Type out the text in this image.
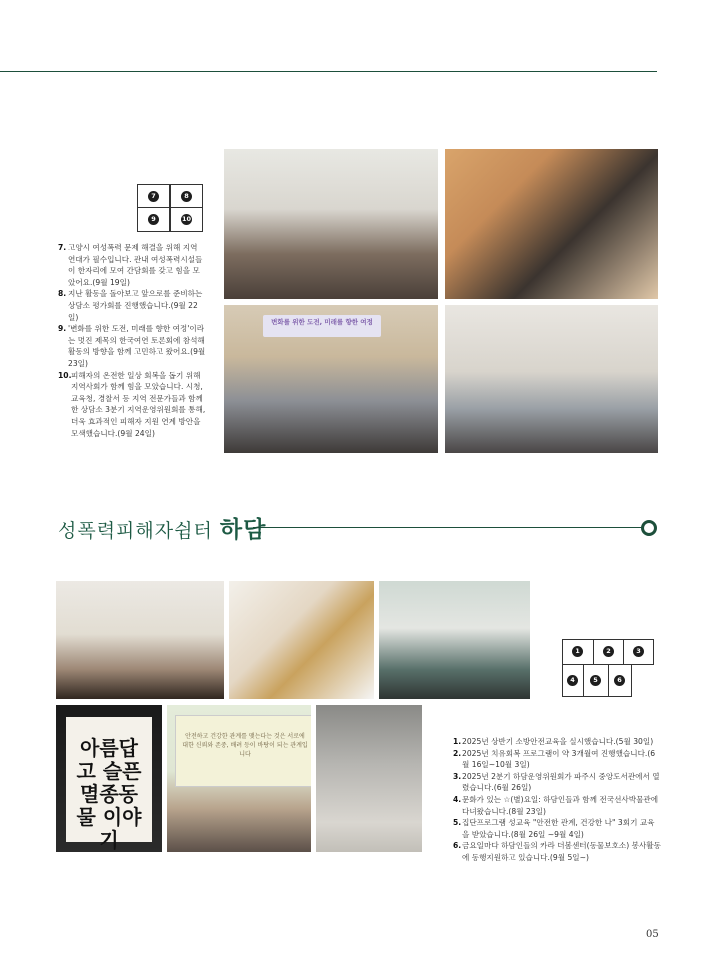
7	8
9	10
7. 고양시 여성폭력 문제 해결을 위해 지역 연대가 필수입니다. 관내 여성폭력시설들이 한자리에 모여 간담회를 갖고 힘을 모았어요.(9월 19일)
8. 지난 활동을 돌아보고 앞으로를 준비하는 상담소 평가회를 진행했습니다.(9월 22일)
9. '변화를 위한 도전, 미래를 향한 여정'이라는 멋진 제목의 한국여연 토론회에 참석해 활동의 방향을 함께 고민하고 왔어요.(9월 23일)
10. 피해자의 온전한 일상 회복을 돕기 위해 지역사회가 함께 힘을 모았습니다. 시청, 교육청, 경찰서 등 지역 전문가들과 함께한 상담소 3분기 지역운영위원회를 통해, 더욱 효과적인 피해자 지원 연계 방안을 모색했습니다.(9월 24일)
변화를 위한 도전, 미래를 향한 여정
성폭력피해자쉼터 하담
아름답고 슬픈 멸종동물 이야기
안전하고 건강한 관계를 맺는다는 것은 서로에 대한 신뢰와 존중, 배려 등이 바탕이 되는 관계입니다
1	2	3
4	5	6
1. 2025년 상반기 소방안전교육을 실시했습니다.(5월 30일)
2. 2025년 치유회복 프로그램이 약 3개월여 진행했습니다.(6월 16일~10월 3일)
3. 2025년 2분기 하담운영위원회가 파주시 중앙도서관에서 열렸습니다.(6월 26일)
4. 문화가 있는 ☆(별)요일: 하담인들과 함께 전국선사박물관에 다녀왔습니다.(8월 23일)
5. 집단프로그램 성교육 "안전한 관계, 건강한 나" 3회기 교육을 받았습니다.(8월 26일 ~9월 4일)
6. 금요일마다 하담인들의 카라 더봄센터(동물보호소) 봉사활동에 동행지원하고 있습니다.(9월 5일~)
05
